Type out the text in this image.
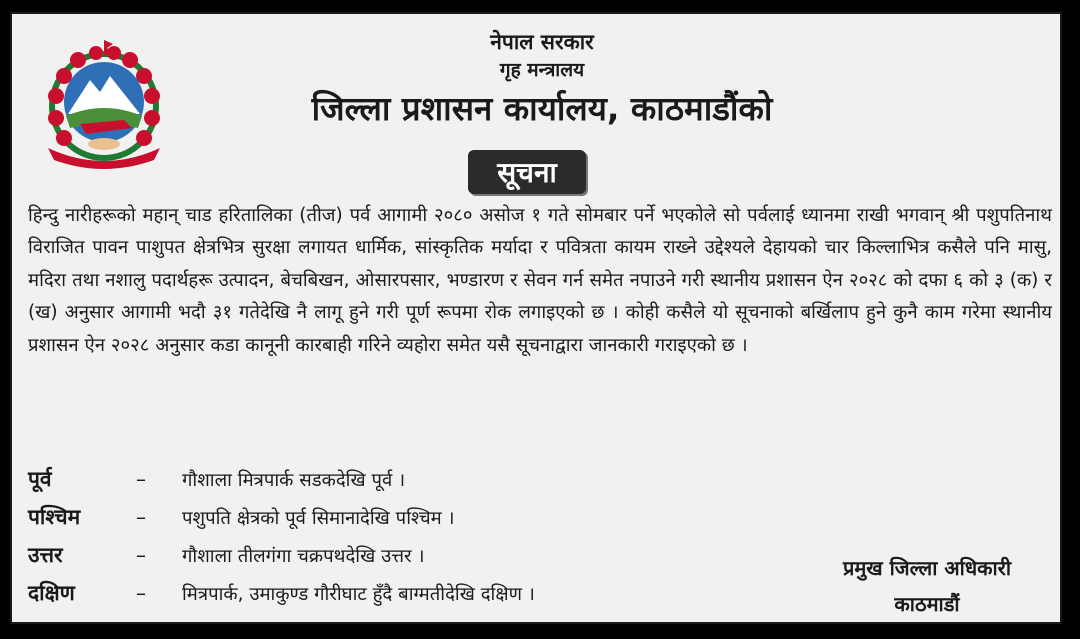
नेपाल सरकार
गृह मन्त्रालय
जिल्ला प्रशासन कार्यालय, काठमाडौंको
सूचना
हिन्दु नारीहरूको महान् चाड हरितालिका (तीज) पर्व आगामी २०८० असोज १ गते सोमबार पर्ने भएकोले सो पर्वलाई ध्यानमा राखी भगवान् श्री पशुपतिनाथ विराजित पावन पाशुपत क्षेत्रभित्र सुरक्षा लगायत धार्मिक, सांस्कृतिक मर्यादा र पवित्रता कायम राख्ने उद्देश्यले देहायको चार किल्लाभित्र कसैले पनि मासु, मदिरा तथा नशालु पदार्थहरू उत्पादन, बेचबिखन, ओसारपसार, भण्डारण र सेवन गर्न समेत नपाउने गरी स्थानीय प्रशासन ऐन २०२८ को दफा ६ को ३ (क) र (ख) अनुसार आगामी भदौ ३१ गतेदेखि नै लागू हुने गरी पूर्ण रूपमा रोक लगाइएको छ । कोही कसैले यो सूचनाको बर्खिलाप हुने कुनै काम गरेमा स्थानीय प्रशासन ऐन २०२८ अनुसार कडा कानूनी कारबाही गरिने व्यहोरा समेत यसै सूचनाद्वारा जानकारी गराइएको छ ।
पूर्व	–	गौशाला मित्रपार्क सडकदेखि पूर्व ।
पश्चिम	–	पशुपति क्षेत्रको पूर्व सिमानादेखि पश्चिम ।
उत्तर	–	गौशाला तीलगंगा चक्रपथदेखि उत्तर ।
दक्षिण	–	मित्रपार्क, उमाकुण्ड गौरीघाट हुँदै बाग्मतीदेखि दक्षिण ।
प्रमुख जिल्ला अधिकारी
काठमाडौं
